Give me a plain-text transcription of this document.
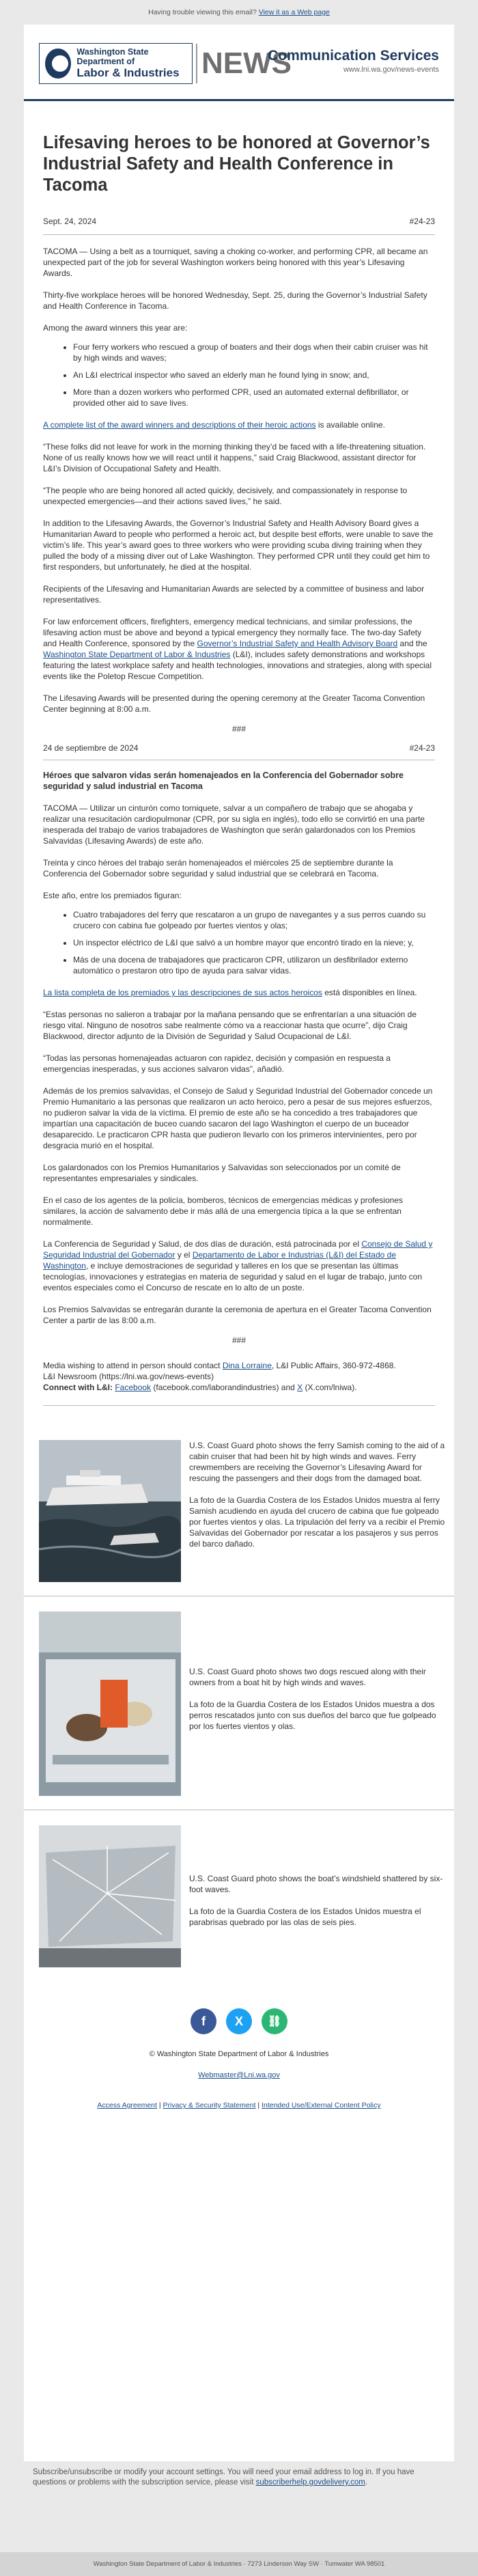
Having trouble viewing this email? View it as a Web page
Washington State Department of
Labor & Industries NEWS
Communication Services
www.lni.wa.gov/news-events
Lifesaving heroes to be honored at Governor’s Industrial Safety and Health Conference in Tacoma
Sept. 24, 2024	#24-23

TACOMA — Using a belt as a tourniquet, saving a choking co-worker, and performing CPR, all became an unexpected part of the job for several Washington workers being honored with this year’s Lifesaving Awards.

Thirty-five workplace heroes will be honored Wednesday, Sept. 25, during the Governor’s Industrial Safety and Health Conference in Tacoma.

Among the award winners this year are:

• Four ferry workers who rescued a group of boaters and their dogs when their cabin cruiser was hit by high winds and waves;
• An L&I electrical inspector who saved an elderly man he found lying in snow; and,
• More than a dozen workers who performed CPR, used an automated external defibrillator, or provided other aid to save lives.

A complete list of the award winners and descriptions of their heroic actions is available online.

“These folks did not leave for work in the morning thinking they’d be faced with a life-threatening situation. None of us really knows how we will react until it happens,” said Craig Blackwood, assistant director for L&I’s Division of Occupational Safety and Health.

“The people who are being honored all acted quickly, decisively, and compassionately in response to unexpected emergencies—and their actions saved lives,” he said.

In addition to the Lifesaving Awards, the Governor’s Industrial Safety and Health Advisory Board gives a Humanitarian Award to people who performed a heroic act, but despite best efforts, were unable to save the victim’s life. This year’s award goes to three workers who were providing scuba diving training when they pulled the body of a missing diver out of Lake Washington. They performed CPR until they could get him to first responders, but unfortunately, he died at the hospital.

Recipients of the Lifesaving and Humanitarian Awards are selected by a committee of business and labor representatives.

For law enforcement officers, firefighters, emergency medical technicians, and similar professions, the lifesaving action must be above and beyond a typical emergency they normally face. The two-day Safety and Health Conference, sponsored by the Governor’s Industrial Safety and Health Advisory Board and the Washington State Department of Labor & Industries (L&I), includes safety demonstrations and workshops featuring the latest workplace safety and health technologies, innovations and strategies, along with special events like the Poletop Rescue Competition.

The Lifesaving Awards will be presented during the opening ceremony at the Greater Tacoma Convention Center beginning at 8:00 a.m.

###
24 de septiembre de 2024	#24-23
Héroes que salvaron vidas serán homenajeados en la Conferencia del Gobernador sobre seguridad y salud industrial en Tacoma

TACOMA — Utilizar un cinturón como torniquete, salvar a un compañero de trabajo que se ahogaba y realizar una resucitación cardiopulmonar (CPR, por su sigla en inglés), todo ello se convirtió en una parte inesperada del trabajo de varios trabajadores de Washington que serán galardonados con los Premios Salvavidas (Lifesaving Awards) de este año.

Treinta y cinco héroes del trabajo serán homenajeados el miércoles 25 de septiembre durante la Conferencia del Gobernador sobre seguridad y salud industrial que se celebrará en Tacoma.

Este año, entre los premiados figuran:

• Cuatro trabajadores del ferry que rescataron a un grupo de navegantes y a sus perros cuando su crucero con cabina fue golpeado por fuertes vientos y olas;
• Un inspector eléctrico de L&I que salvó a un hombre mayor que encontró tirado en la nieve; y,
• Más de una docena de trabajadores que practicaron CPR, utilizaron un desfibrilador externo automático o prestaron otro tipo de ayuda para salvar vidas.

La lista completa de los premiados y las descripciones de sus actos heroicos está disponibles en línea.

“Estas personas no salieron a trabajar por la mañana pensando que se enfrentarían a una situación de riesgo vital. Ninguno de nosotros sabe realmente cómo va a reaccionar hasta que ocurre”, dijo Craig Blackwood, director adjunto de la División de Seguridad y Salud Ocupacional de L&I.

“Todas las personas homenajeadas actuaron con rapidez, decisión y compasión en respuesta a emergencias inesperadas, y sus acciones salvaron vidas”, añadió.

Además de los premios salvavidas, el Consejo de Salud y Seguridad Industrial del Gobernador concede un Premio Humanitario a las personas que realizaron un acto heroico, pero a pesar de sus mejores esfuerzos, no pudieron salvar la vida de la víctima. El premio de este año se ha concedido a tres trabajadores que impartían una capacitación de buceo cuando sacaron del lago Washington el cuerpo de un buceador desaparecido. Le practicaron CPR hasta que pudieron llevarlo con los primeros intervinientes, pero por desgracia murió en el hospital.

Los galardonados con los Premios Humanitarios y Salvavidas son seleccionados por un comité de representantes empresariales y sindicales.

En el caso de los agentes de la policía, bomberos, técnicos de emergencias médicas y profesiones similares, la acción de salvamento debe ir más allá de una emergencia típica a la que se enfrentan normalmente.

La Conferencia de Seguridad y Salud, de dos días de duración, está patrocinada por el Consejo de Salud y Seguridad Industrial del Gobernador y el Departamento de Labor e Industrias (L&I) del Estado de Washington, e incluye demostraciones de seguridad y talleres en los que se presentan las últimas tecnologías, innovaciones y estrategias en materia de seguridad y salud en el lugar de trabajo, junto con eventos especiales como el Concurso de rescate en lo alto de un poste.

Los Premios Salvavidas se entregarán durante la ceremonia de apertura en el Greater Tacoma Convention Center a partir de las 8:00 a.m.

###

Media wishing to attend in person should contact Dina Lorraine, L&I Public Affairs, 360-972-4868.
L&I Newsroom (https://lni.wa.gov/news-events)
Connect with L&I: Facebook (facebook.com/laborandindustries) and X (X.com/lniwa).

U.S. Coast Guard photo shows the ferry Samish coming to the aid of a cabin cruiser that had been hit by high winds and waves. Ferry crewmembers are receiving the Governor’s Lifesaving Award for rescuing the passengers and their dogs from the damaged boat.

La foto de la Guardia Costera de los Estados Unidos muestra al ferry Samish acudiendo en ayuda del crucero de cabina que fue golpeado por fuertes vientos y olas. La tripulación del ferry va a recibir el Premio Salvavidas del Gobernador por rescatar a los pasajeros y sus perros del barco dañado.

U.S. Coast Guard photo shows two dogs rescued along with their owners from a boat hit by high winds and waves.

La foto de la Guardia Costera de los Estados Unidos muestra a dos perros rescatados junto con sus dueños del barco que fue golpeado por los fuertes vientos y olas.

U.S. Coast Guard photo shows the boat’s windshield shattered by six-foot waves.

La foto de la Guardia Costera de los Estados Unidos muestra el parabrisas quebrado por las olas de seis pies.

f X ⛓
© Washington State Department of Labor & Industries
Webmaster@Lni.wa.gov
Access Agreement | Privacy & Security Statement | Intended Use/External Content Policy
Subscribe/unsubscribe or modify your account settings. You will need your email address to log in. If you have questions or problems with the subscription service, please visit subscriberhelp.govdelivery.com.
Washington State Department of Labor & Industries · 7273 Linderson Way SW · Tumwater WA 98501
